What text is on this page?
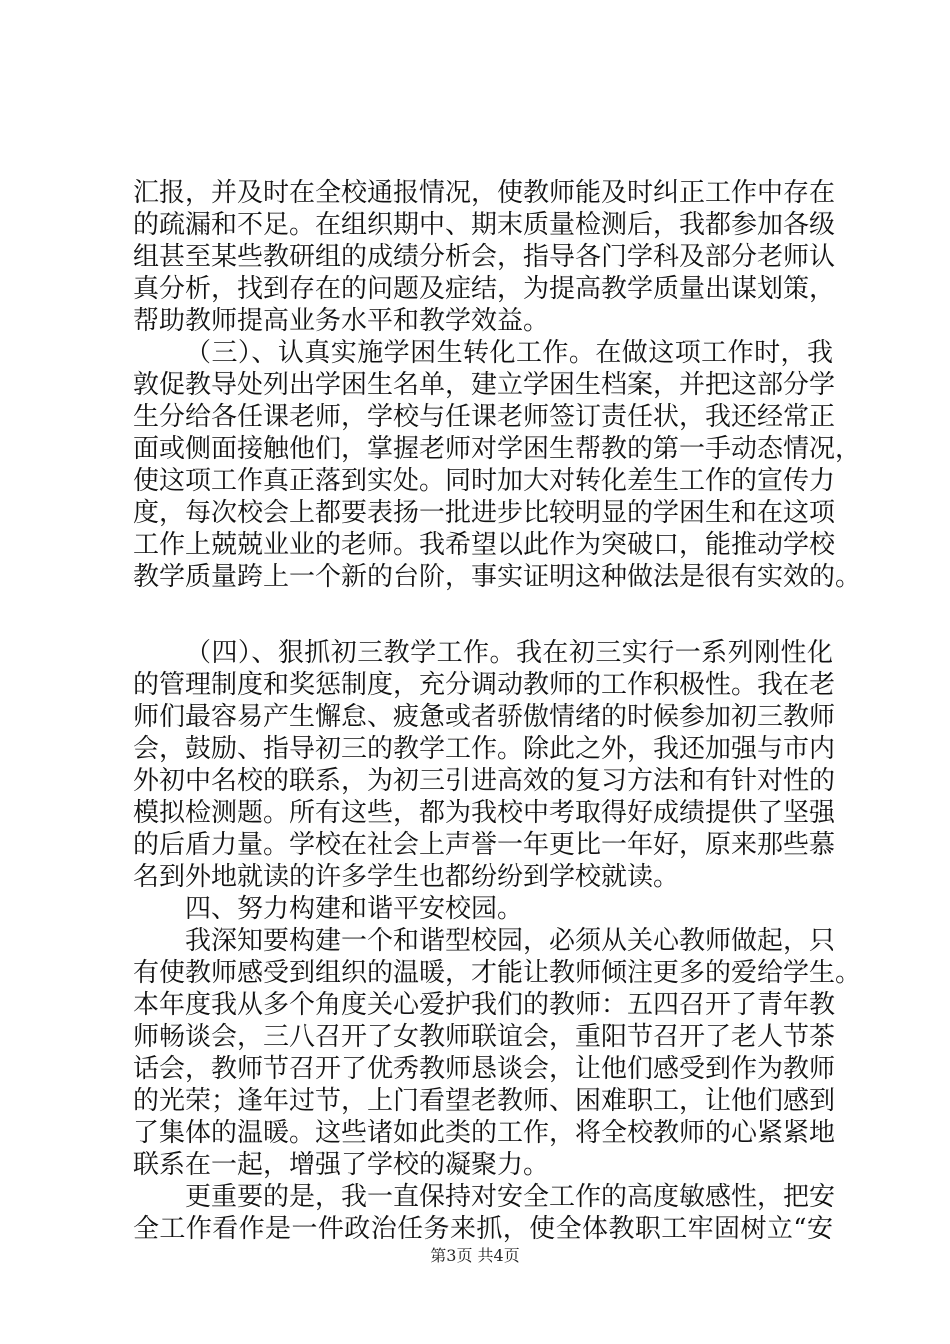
汇报，并及时在全校通报情况，使教师能及时纠正工作中存在
的疏漏和不足。在组织期中、期末质量检测后，我都参加各级
组甚至某些教研组的成绩分析会，指导各门学科及部分老师认
真分析，找到存在的问题及症结，为提高教学质量出谋划策，
帮助教师提高业务水平和教学效益。
（三）、认真实施学困生转化工作。在做这项工作时，我
敦促教导处列出学困生名单，建立学困生档案，并把这部分学
生分给各任课老师，学校与任课老师签订责任状，我还经常正
面或侧面接触他们，掌握老师对学困生帮教的第一手动态情况，
使这项工作真正落到实处。同时加大对转化差生工作的宣传力
度，每次校会上都要表扬一批进步比较明显的学困生和在这项
工作上兢兢业业的老师。我希望以此作为突破口，能推动学校
教学质量跨上一个新的台阶，事实证明这种做法是很有实效的。
（四）、狠抓初三教学工作。我在初三实行一系列刚性化
的管理制度和奖惩制度，充分调动教师的工作积极性。我在老
师们最容易产生懈怠、疲惫或者骄傲情绪的时候参加初三教师
会，鼓励、指导初三的教学工作。除此之外，我还加强与市内
外初中名校的联系，为初三引进高效的复习方法和有针对性的
模拟检测题。所有这些，都为我校中考取得好成绩提供了坚强
的后盾力量。学校在社会上声誉一年更比一年好，原来那些慕
名到外地就读的许多学生也都纷纷到学校就读。
四、努力构建和谐平安校园。
我深知要构建一个和谐型校园，必须从关心教师做起，只
有使教师感受到组织的温暖，才能让教师倾注更多的爱给学生。
本年度我从多个角度关心爱护我们的教师：五四召开了青年教
师畅谈会，三八召开了女教师联谊会，重阳节召开了老人节茶
话会，教师节召开了优秀教师恳谈会，让他们感受到作为教师
的光荣；逢年过节，上门看望老教师、困难职工，让他们感到
了集体的温暖。这些诸如此类的工作，将全校教师的心紧紧地
联系在一起，增强了学校的凝聚力。
更重要的是，我一直保持对安全工作的高度敏感性，把安
全工作看作是一件政治任务来抓，使全体教职工牢固树立“安
第3页 共4页
